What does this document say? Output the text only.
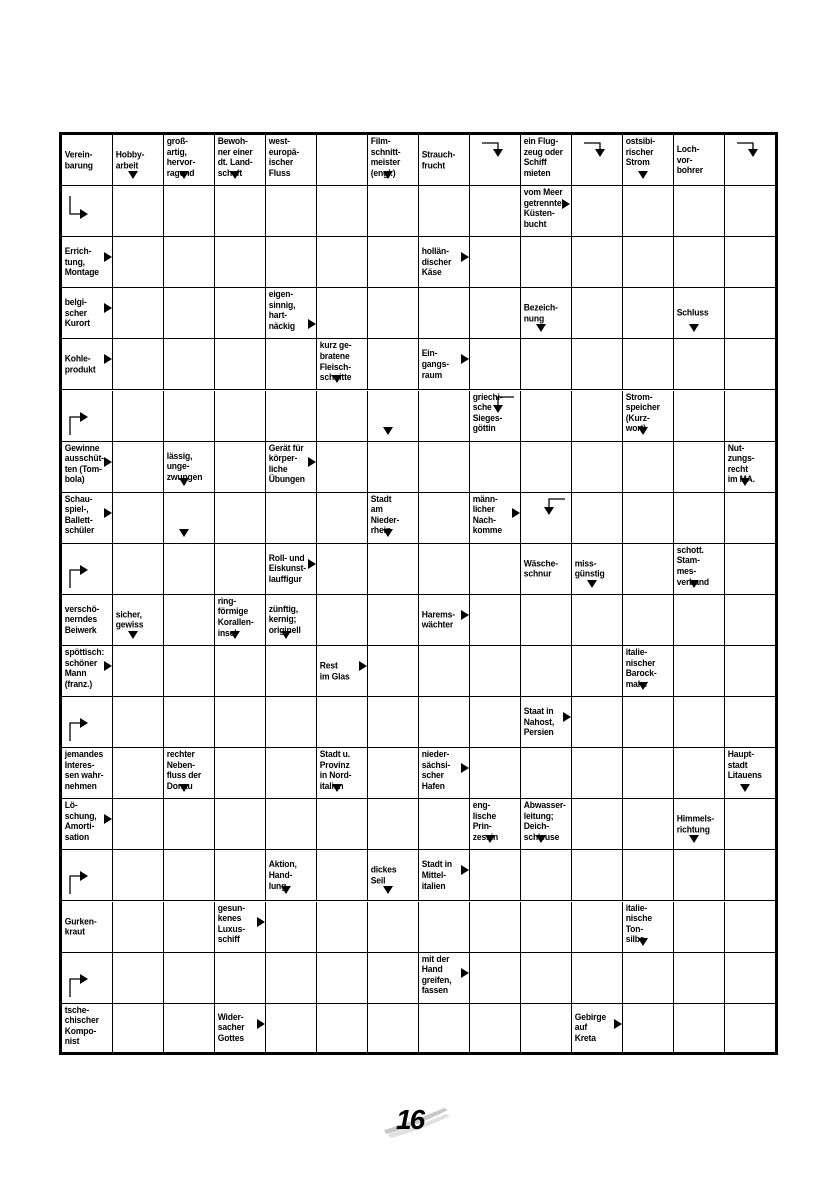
Verein-
barung
Hobby-
arbeit
groß-
artig,
hervor-
ragend
Bewoh-
ner einer
dt. Land-
schaft
west-
europä-
ischer
Fluss
Film-
schnitt-
meister
(engl.)
Strauch-
frucht
ein Flug-
zeug oder
Schiff
mieten
ostsibi-
rischer
Strom
Loch-
vor-
bohrer
vom Meer
getrennte
Küsten-
bucht
Errich-
tung,
Montage
hollän-
discher
Käse
belgi-
scher
Kurort
eigen-
sinnig,
hart-
näckig
Bezeich-
nung	Schluss
Kohle-
produkt
kurz ge-
bratene
Fleisch-
schnitte
Ein-
gangs-
raum
griechi-
sche
Sieges-
göttin
Strom-
speicher
(Kurz-
wort)
Gewinne
ausschüt-
ten (Tom-
bola)
lässig,
unge-
zwungen
Gerät für
körper-
liche
Übungen
Nut-
zungs-
recht
im MA.
Schau-
spiel-,
Ballett-
schüler
Stadt
am
Nieder-
rhein
männ-
licher
Nach-
komme
Roll- und
Eiskunst-
lauffigur
Wäsche-
schnur
miss-
günstig
schott.
Stam-
mes-
verband
verschö-
nerndes
Beiwerk
sicher,
gewiss
ring-
förmige
Korallen-
insel
zünftig,
kernig;
originell
Harems-
wächter
spöttisch:
schöner
Mann
(franz.)
Rest
im Glas
italie-
nischer
Barock-
maler
Staat in
Nahost,
Persien
jemandes
Interes-
sen wahr-
nehmen
rechter
Neben-
fluss der
Donau
Stadt u.
Provinz
in Nord-
italien
nieder-
sächsi-
scher
Hafen
Haupt-
stadt
Litauens
Lö-
schung,
Amorti-
sation
eng-
lische
Prin-
zessin
Abwasser-
leitung;
Deich-
schleuse
Himmels-
richtung
Aktion,
Hand-
lung
dickes
Seil
Stadt in
Mittel-
italien
Gurken-
kraut
gesun-
kenes
Luxus-
schiff
italie-
nische
Ton-
silbe
mit der
Hand
greifen,
fassen
tsche-
chischer
Kompo-
nist
Wider-
sacher
Gottes
Gebirge
auf
Kreta
16
